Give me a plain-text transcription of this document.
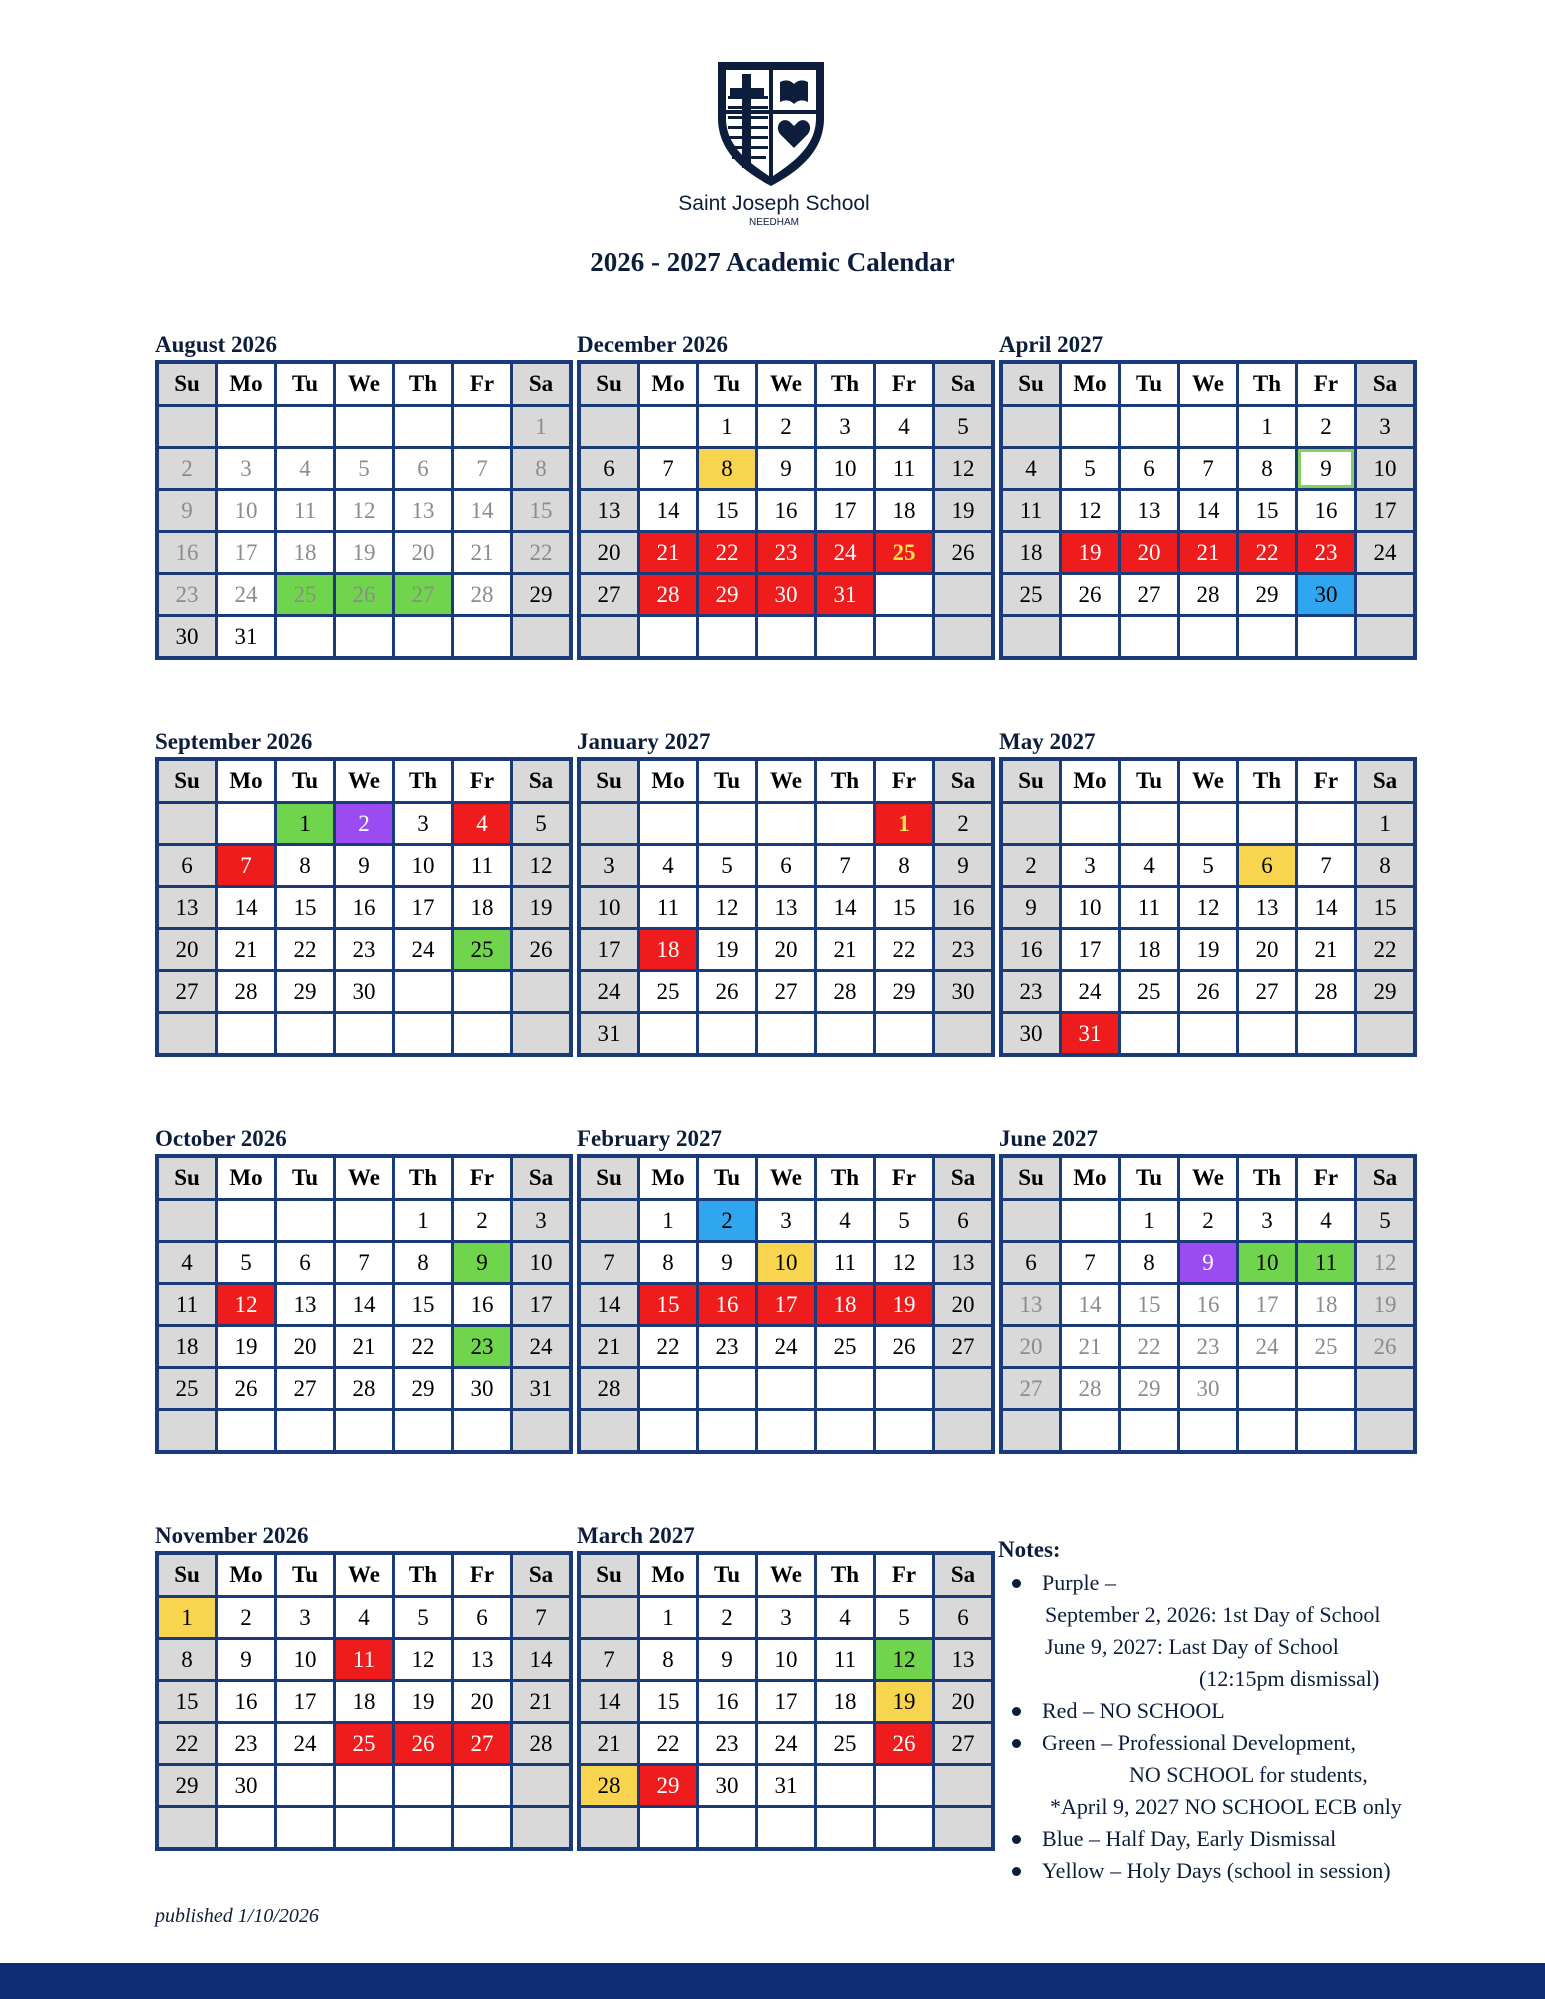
Saint Joseph School
NEEDHAM
2026 - 2027 Academic Calendar
August 2026
Su	Mo	Tu	We	Th	Fr	Sa
						1
2	3	4	5	6	7	8
9	10	11	12	13	14	15
16	17	18	19	20	21	22
23	24	25	26	27	28	29
30	31					
September 2026
Su	Mo	Tu	We	Th	Fr	Sa
		1	2	3	4	5
6	7	8	9	10	11	12
13	14	15	16	17	18	19
20	21	22	23	24	25	26
27	28	29	30			

October 2026
Su	Mo	Tu	We	Th	Fr	Sa
				1	2	3
4	5	6	7	8	9	10
11	12	13	14	15	16	17
18	19	20	21	22	23	24
25	26	27	28	29	30	31

November 2026
Su	Mo	Tu	We	Th	Fr	Sa
1	2	3	4	5	6	7
8	9	10	11	12	13	14
15	16	17	18	19	20	21
22	23	24	25	26	27	28
29	30					

December 2026
Su	Mo	Tu	We	Th	Fr	Sa
		1	2	3	4	5
6	7	8	9	10	11	12
13	14	15	16	17	18	19
20	21	22	23	24	25	26
27	28	29	30	31		

January 2027
Su	Mo	Tu	We	Th	Fr	Sa
					1	2
3	4	5	6	7	8	9
10	11	12	13	14	15	16
17	18	19	20	21	22	23
24	25	26	27	28	29	30
31						
February 2027
Su	Mo	Tu	We	Th	Fr	Sa
	1	2	3	4	5	6
7	8	9	10	11	12	13
14	15	16	17	18	19	20
21	22	23	24	25	26	27
28						

March 2027
Su	Mo	Tu	We	Th	Fr	Sa
	1	2	3	4	5	6
7	8	9	10	11	12	13
14	15	16	17	18	19	20
21	22	23	24	25	26	27
28	29	30	31			

April 2027
Su	Mo	Tu	We	Th	Fr	Sa
				1	2	3
4	5	6	7	8	9	10
11	12	13	14	15	16	17
18	19	20	21	22	23	24
25	26	27	28	29	30	

May 2027
Su	Mo	Tu	We	Th	Fr	Sa
						1
2	3	4	5	6	7	8
9	10	11	12	13	14	15
16	17	18	19	20	21	22
23	24	25	26	27	28	29
30	31					
June 2027
Su	Mo	Tu	We	Th	Fr	Sa
		1	2	3	4	5
6	7	8	9	10	11	12
13	14	15	16	17	18	19
20	21	22	23	24	25	26
27	28	29	30			

Notes:
Purple –
September 2, 2026: 1st Day of School
June 9, 2027: Last Day of School
(12:15pm dismissal)
Red – NO SCHOOL
Green – Professional Development,
NO SCHOOL for students,
*April 9, 2027 NO SCHOOL ECB only
Blue – Half Day, Early Dismissal
Yellow – Holy Days (school in session)
published 1/10/2026
